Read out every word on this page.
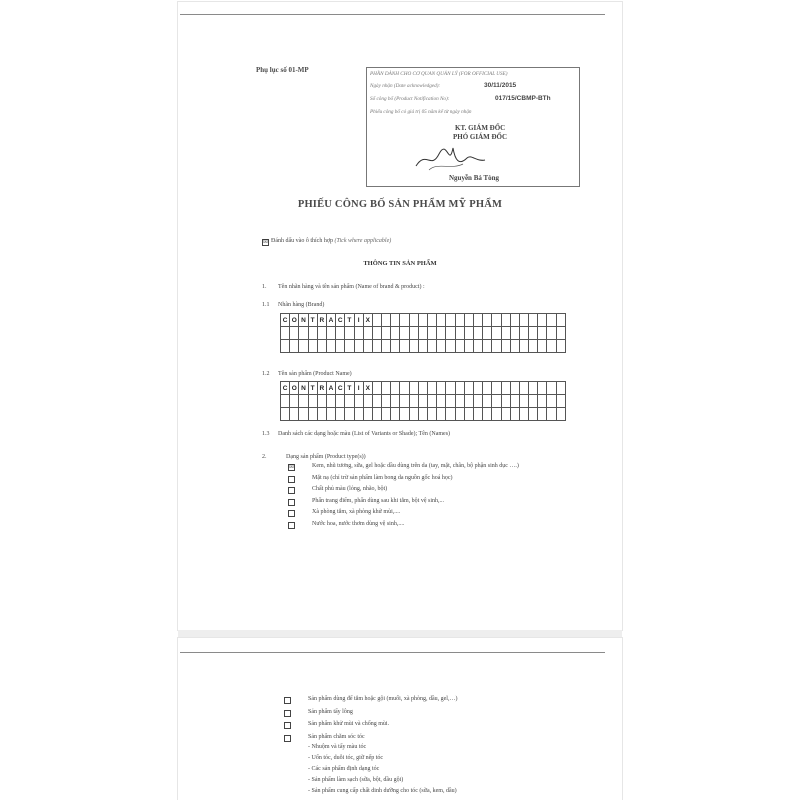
Phụ lục số 01-MP	PHẦN DÀNH CHO CƠ QUAN QUẢN LÝ (FOR OFFICIAL USE)
Ngày nhận (Date acknowledged):	30/11/2015
Số công bố (Product Notification No):	017/15/CBMP-BTh
Phiếu công bố có giá trị 05 năm kể từ ngày nhận
KT. GIÁM ĐỐC
PHÓ GIÁM ĐỐC
Nguyễn Bá Tòng
PHIẾU CÔNG BỐ SẢN PHẨM MỸ PHẨM
☒ Đánh dấu vào ô thích hợp (Tick where applicable)
THÔNG TIN SẢN PHẨM
1. Tên nhãn hàng và tên sản phẩm (Name of brand & product) :
1.1 Nhãn hàng (Brand)
C	O	N	T	R	A	C	T	I	X																					

1.2 Tên sản phẩm (Product Name)
C	O	N	T	R	A	C	T	I	X																					

1.3 Danh sách các dạng hoặc màu (List of Variants or Shade); Tên (Names)
2.	Dạng sản phẩm (Product type(s))
☒	Kem, nhũ tương, sữa, gel hoặc dầu dùng trên da (tay, mặt, chân, bộ phận sinh dục ….)
Mặt nạ (chỉ trừ sản phẩm làm bong da nguồn gốc hoá học)
Chất phủ màu (lỏng, nhão, bột)
Phấn trang điểm, phấn dùng sau khi tắm, bột vệ sinh,...
Xà phòng tắm, xà phòng khử mùi,....
Nước hoa, nước thơm dùng vệ sinh,....
Sản phẩm dùng để tắm hoặc gội (muối, xà phòng, dầu, gel,…)
Sản phẩm tẩy lông
Sản phẩm khử mùi và chống mùi.
Sản phẩm chăm sóc tóc
- Nhuộm và tẩy màu tóc
- Uốn tóc, duỗi tóc, giữ nếp tóc
- Các sản phẩm định dạng tóc
- Sản phẩm làm sạch (sữa, bột, dầu gội)
- Sản phẩm cung cấp chất dinh dưỡng cho tóc (sữa, kem, dầu)
